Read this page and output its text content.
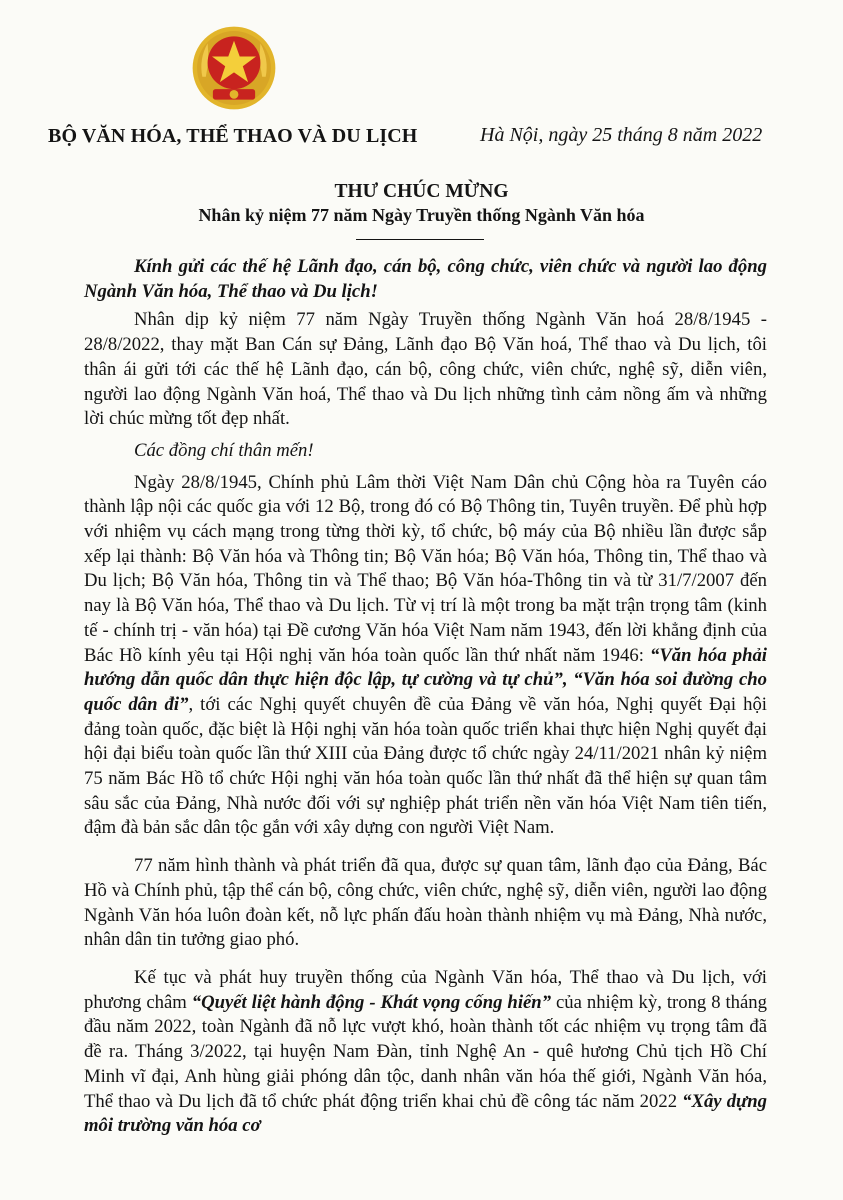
BỘ VĂN HÓA, THỂ THAO VÀ DU LỊCH	Hà Nội, ngày 25 tháng 8 năm 2022
THƯ CHÚC MỪNG
Nhân kỷ niệm 77 năm Ngày Truyền thống Ngành Văn hóa

Kính gửi các thế hệ Lãnh đạo, cán bộ, công chức, viên chức và người lao động Ngành Văn hóa, Thể thao và Du lịch!

Nhân dịp kỷ niệm 77 năm Ngày Truyền thống Ngành Văn hoá 28/8/1945 - 28/8/2022, thay mặt Ban Cán sự Đảng, Lãnh đạo Bộ Văn hoá, Thể thao và Du lịch, tôi thân ái gửi tới các thế hệ Lãnh đạo, cán bộ, công chức, viên chức, nghệ sỹ, diễn viên, người lao động Ngành Văn hoá, Thể thao và Du lịch những tình cảm nồng ấm và những lời chúc mừng tốt đẹp nhất.

Các đồng chí thân mến!

Ngày 28/8/1945, Chính phủ Lâm thời Việt Nam Dân chủ Cộng hòa ra Tuyên cáo thành lập nội các quốc gia với 12 Bộ, trong đó có Bộ Thông tin, Tuyên truyền. Để phù hợp với nhiệm vụ cách mạng trong từng thời kỳ, tổ chức, bộ máy của Bộ nhiều lần được sắp xếp lại thành: Bộ Văn hóa và Thông tin; Bộ Văn hóa; Bộ Văn hóa, Thông tin, Thể thao và Du lịch; Bộ Văn hóa, Thông tin và Thể thao; Bộ Văn hóa-Thông tin và từ 31/7/2007 đến nay là Bộ Văn hóa, Thể thao và Du lịch. Từ vị trí là một trong ba mặt trận trọng tâm (kinh tế - chính trị - văn hóa) tại Đề cương Văn hóa Việt Nam năm 1943, đến lời khẳng định của Bác Hồ kính yêu tại Hội nghị văn hóa toàn quốc lần thứ nhất năm 1946: “Văn hóa phải hướng dẫn quốc dân thực hiện độc lập, tự cường và tự chủ”, “Văn hóa soi đường cho quốc dân đi”, tới các Nghị quyết chuyên đề của Đảng về văn hóa, Nghị quyết Đại hội đảng toàn quốc, đặc biệt là Hội nghị văn hóa toàn quốc triển khai thực hiện Nghị quyết đại hội đại biểu toàn quốc lần thứ XIII của Đảng được tổ chức ngày 24/11/2021 nhân kỷ niệm 75 năm Bác Hồ tổ chức Hội nghị văn hóa toàn quốc lần thứ nhất đã thể hiện sự quan tâm sâu sắc của Đảng, Nhà nước đối với sự nghiệp phát triển nền văn hóa Việt Nam tiên tiến, đậm đà bản sắc dân tộc gắn với xây dựng con người Việt Nam.

77 năm hình thành và phát triển đã qua, được sự quan tâm, lãnh đạo của Đảng, Bác Hồ và Chính phủ, tập thể cán bộ, công chức, viên chức, nghệ sỹ, diễn viên, người lao động Ngành Văn hóa luôn đoàn kết, nỗ lực phấn đấu hoàn thành nhiệm vụ mà Đảng, Nhà nước, nhân dân tin tưởng giao phó.

Kế tục và phát huy truyền thống của Ngành Văn hóa, Thể thao và Du lịch, với phương châm “Quyết liệt hành động - Khát vọng cống hiến” của nhiệm kỳ, trong 8 tháng đầu năm 2022, toàn Ngành đã nỗ lực vượt khó, hoàn thành tốt các nhiệm vụ trọng tâm đã đề ra. Tháng 3/2022, tại huyện Nam Đàn, tỉnh Nghệ An - quê hương Chủ tịch Hồ Chí Minh vĩ đại, Anh hùng giải phóng dân tộc, danh nhân văn hóa thế giới, Ngành Văn hóa, Thể thao và Du lịch đã tổ chức phát động triển khai chủ đề công tác năm 2022 “Xây dựng môi trường văn hóa cơ
